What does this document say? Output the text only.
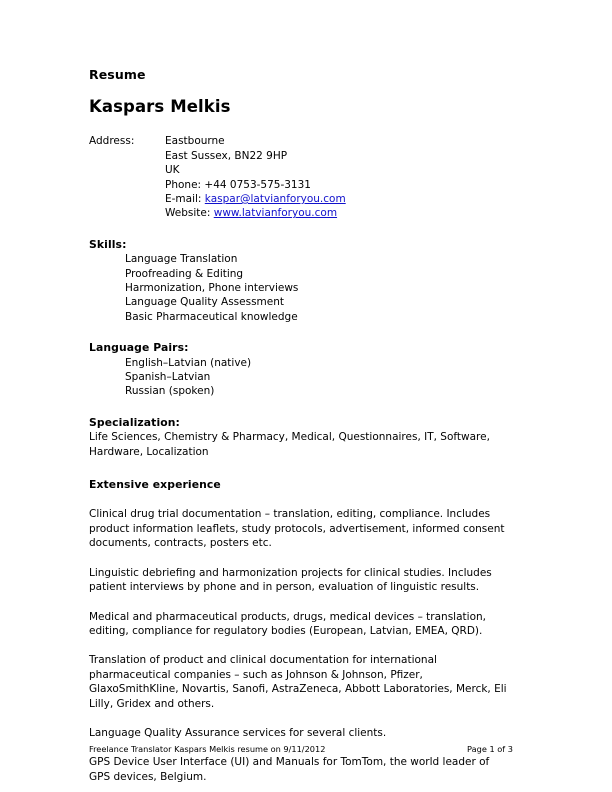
Resume
Kaspars Melkis
Address:	Eastbourne
East Sussex, BN22 9HP
UK
Phone: +44 0753-575-3131
E-mail: kaspar@latvianforyou.com
Website: www.latvianforyou.com
Skills:
Language Translation
Proofreading & Editing
Harmonization, Phone interviews
Language Quality Assessment
Basic Pharmaceutical knowledge
Language Pairs:
English–Latvian (native)
Spanish–Latvian
Russian (spoken)
Specialization:
Life Sciences, Chemistry & Pharmacy, Medical, Questionnaires, IT, Software, Hardware, Localization
Extensive experience

Clinical drug trial documentation – translation, editing, compliance. Includes product information leaflets, study protocols, advertisement, informed consent documents, contracts, posters etc.

Linguistic debriefing and harmonization projects for clinical studies. Includes patient interviews by phone and in person, evaluation of linguistic results.

Medical and pharmaceutical products, drugs, medical devices – translation, editing, compliance for regulatory bodies (European, Latvian, EMEA, QRD).

Translation of product and clinical documentation for international pharmaceutical companies – such as Johnson & Johnson, Pfizer, GlaxoSmithKline, Novartis, Sanofi, AstraZeneca, Abbott Laboratories, Merck, Eli Lilly, Gridex and others.

Language Quality Assurance services for several clients.

GPS Device User Interface (UI) and Manuals for TomTom, the world leader of GPS devices, Belgium.

Freelance Translator Kaspars Melkis resume on 9/11/2012	Page 1 of 3
